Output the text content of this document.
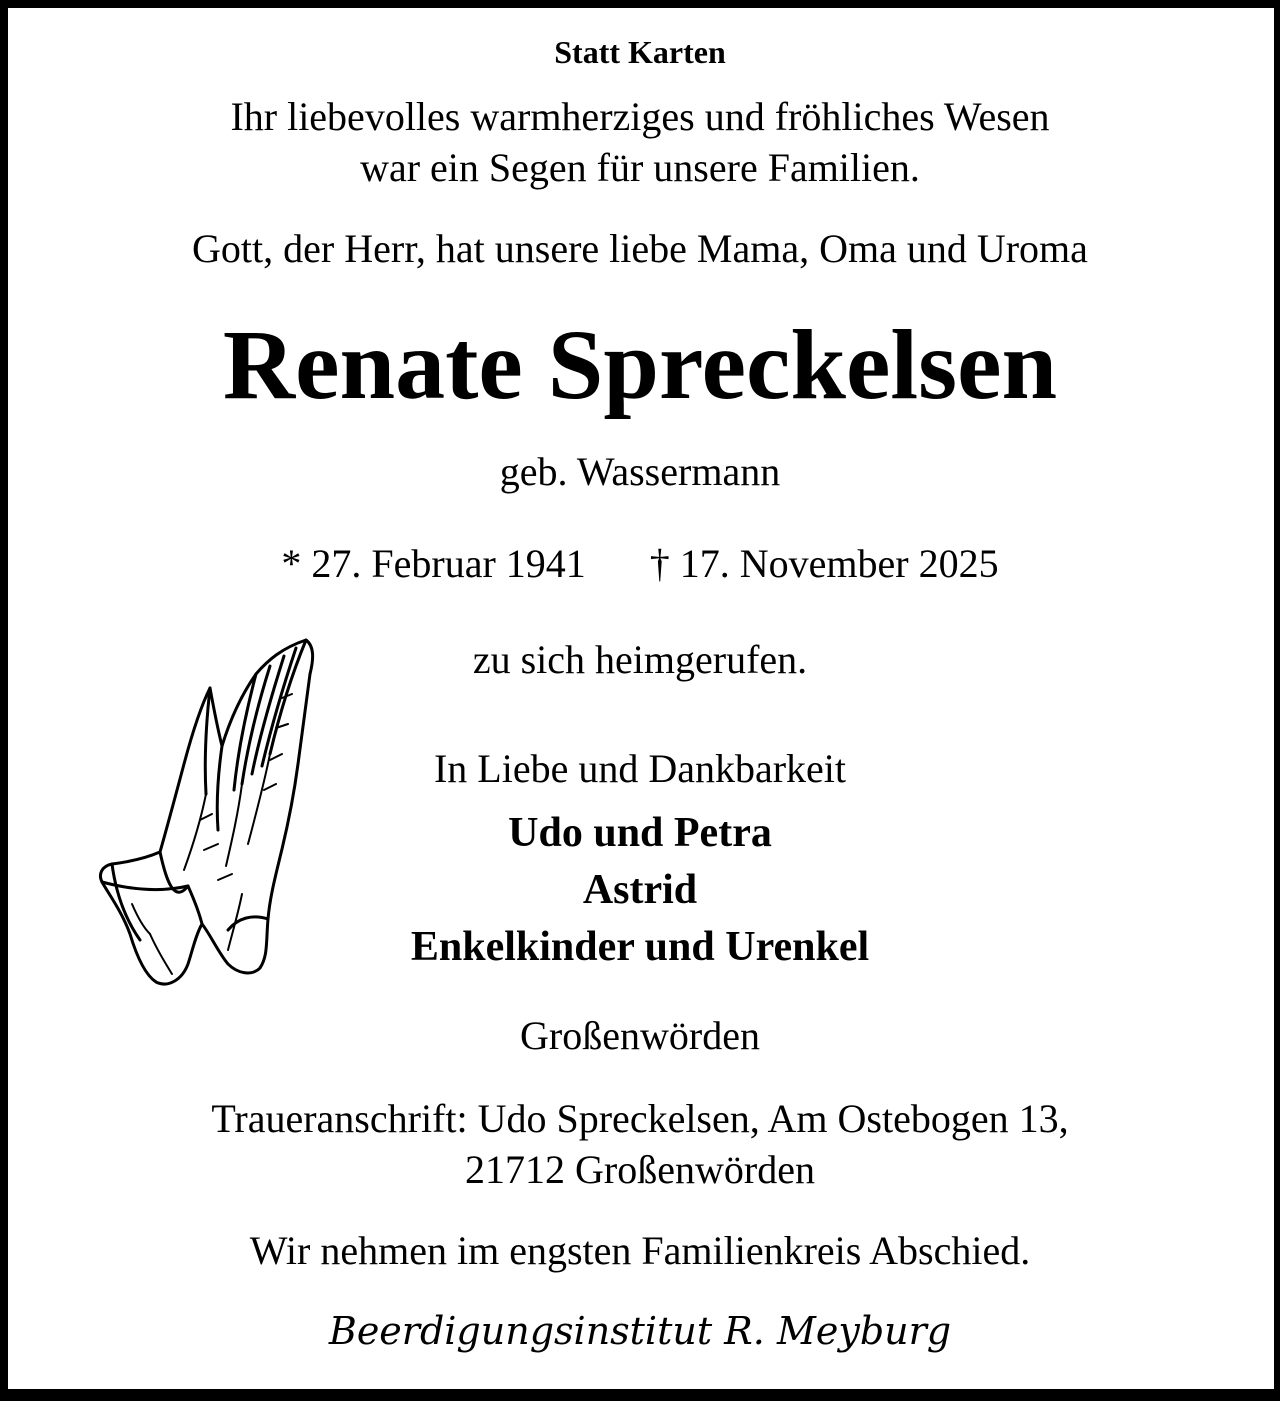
Statt Karten
Ihr liebevolles warmherziges und fröhliches Wesen
war ein Segen für unsere Familien.
Gott, der Herr, hat unsere liebe Mama, Oma und Uroma
Renate Spreckelsen
geb. Wassermann
* 27. Februar 1941 † 17. November 2025
zu sich heimgerufen.
In Liebe und Dankbarkeit
Udo und Petra
Astrid
Enkelkinder und Urenkel
Großenwörden
Traueranschrift: Udo Spreckelsen, Am Ostebogen 13,
21712 Großenwörden
Wir nehmen im engsten Familienkreis Abschied.
Beerdigungsinstitut R. Meyburg
